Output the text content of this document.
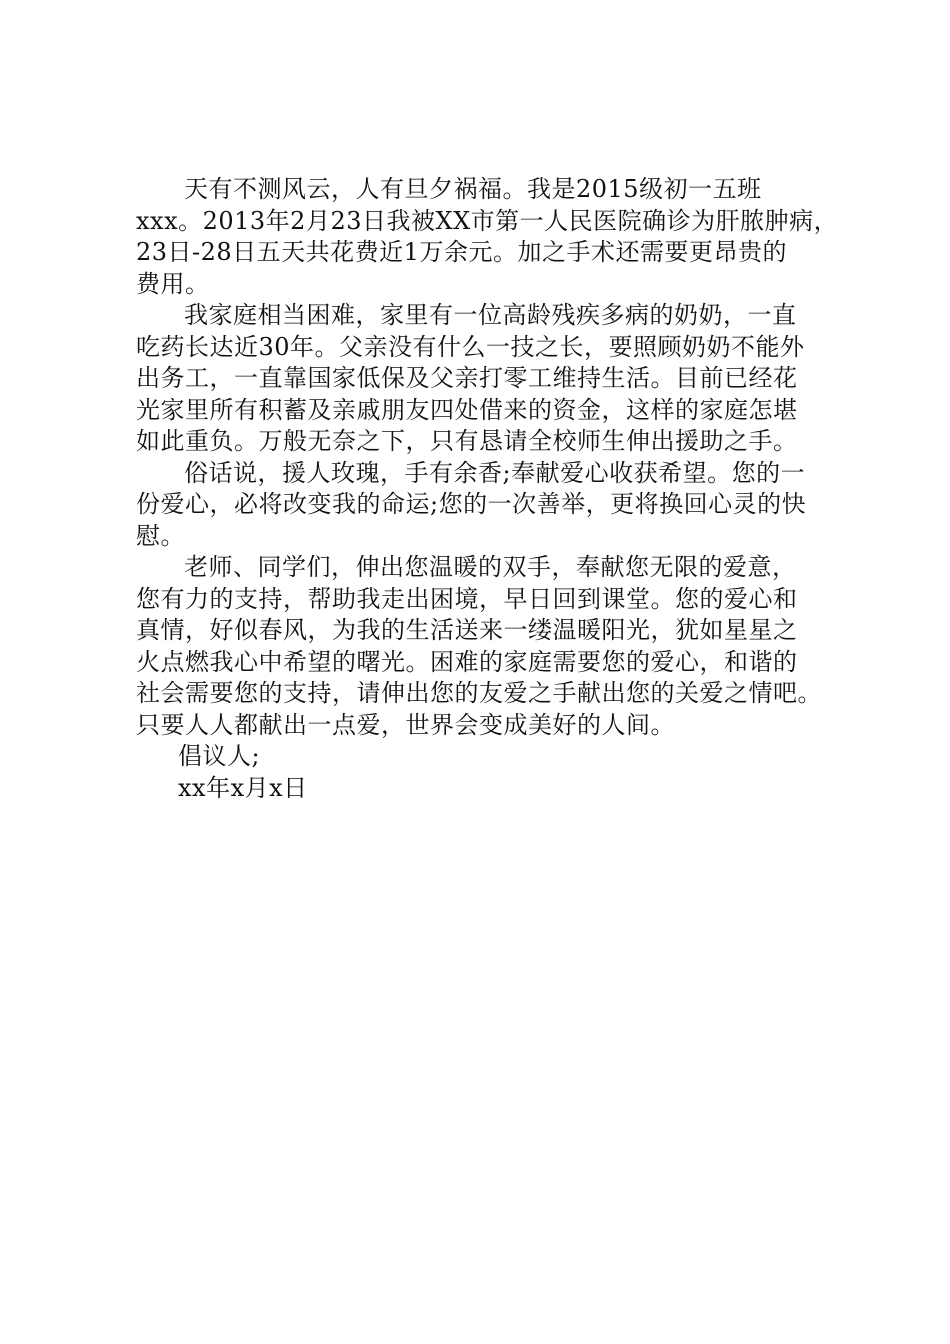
天有不测风云，人有旦夕祸福。我是2015级初一五班
xxx。2013年2月23日我被XX市第一人民医院确诊为肝脓肿病，
23日-28日五天共花费近1万余元。加之手术还需要更昂贵的
费用。

我家庭相当困难，家里有一位高龄残疾多病的奶奶，一直
吃药长达近30年。父亲没有什么一技之长，要照顾奶奶不能外
出务工，一直靠国家低保及父亲打零工维持生活。目前已经花
光家里所有积蓄及亲戚朋友四处借来的资金，这样的家庭怎堪
如此重负。万般无奈之下，只有恳请全校师生伸出援助之手。

俗话说，援人玫瑰，手有余香;奉献爱心收获希望。您的一
份爱心，必将改变我的命运;您的一次善举，更将换回心灵的快
慰。

老师、同学们，伸出您温暖的双手，奉献您无限的爱意，
您有力的支持，帮助我走出困境，早日回到课堂。您的爱心和
真情，好似春风，为我的生活送来一缕温暖阳光，犹如星星之
火点燃我心中希望的曙光。困难的家庭需要您的爱心，和谐的
社会需要您的支持，请伸出您的友爱之手献出您的关爱之情吧。
只要人人都献出一点爱，世界会变成美好的人间。

倡议人;

xx年x月x日
